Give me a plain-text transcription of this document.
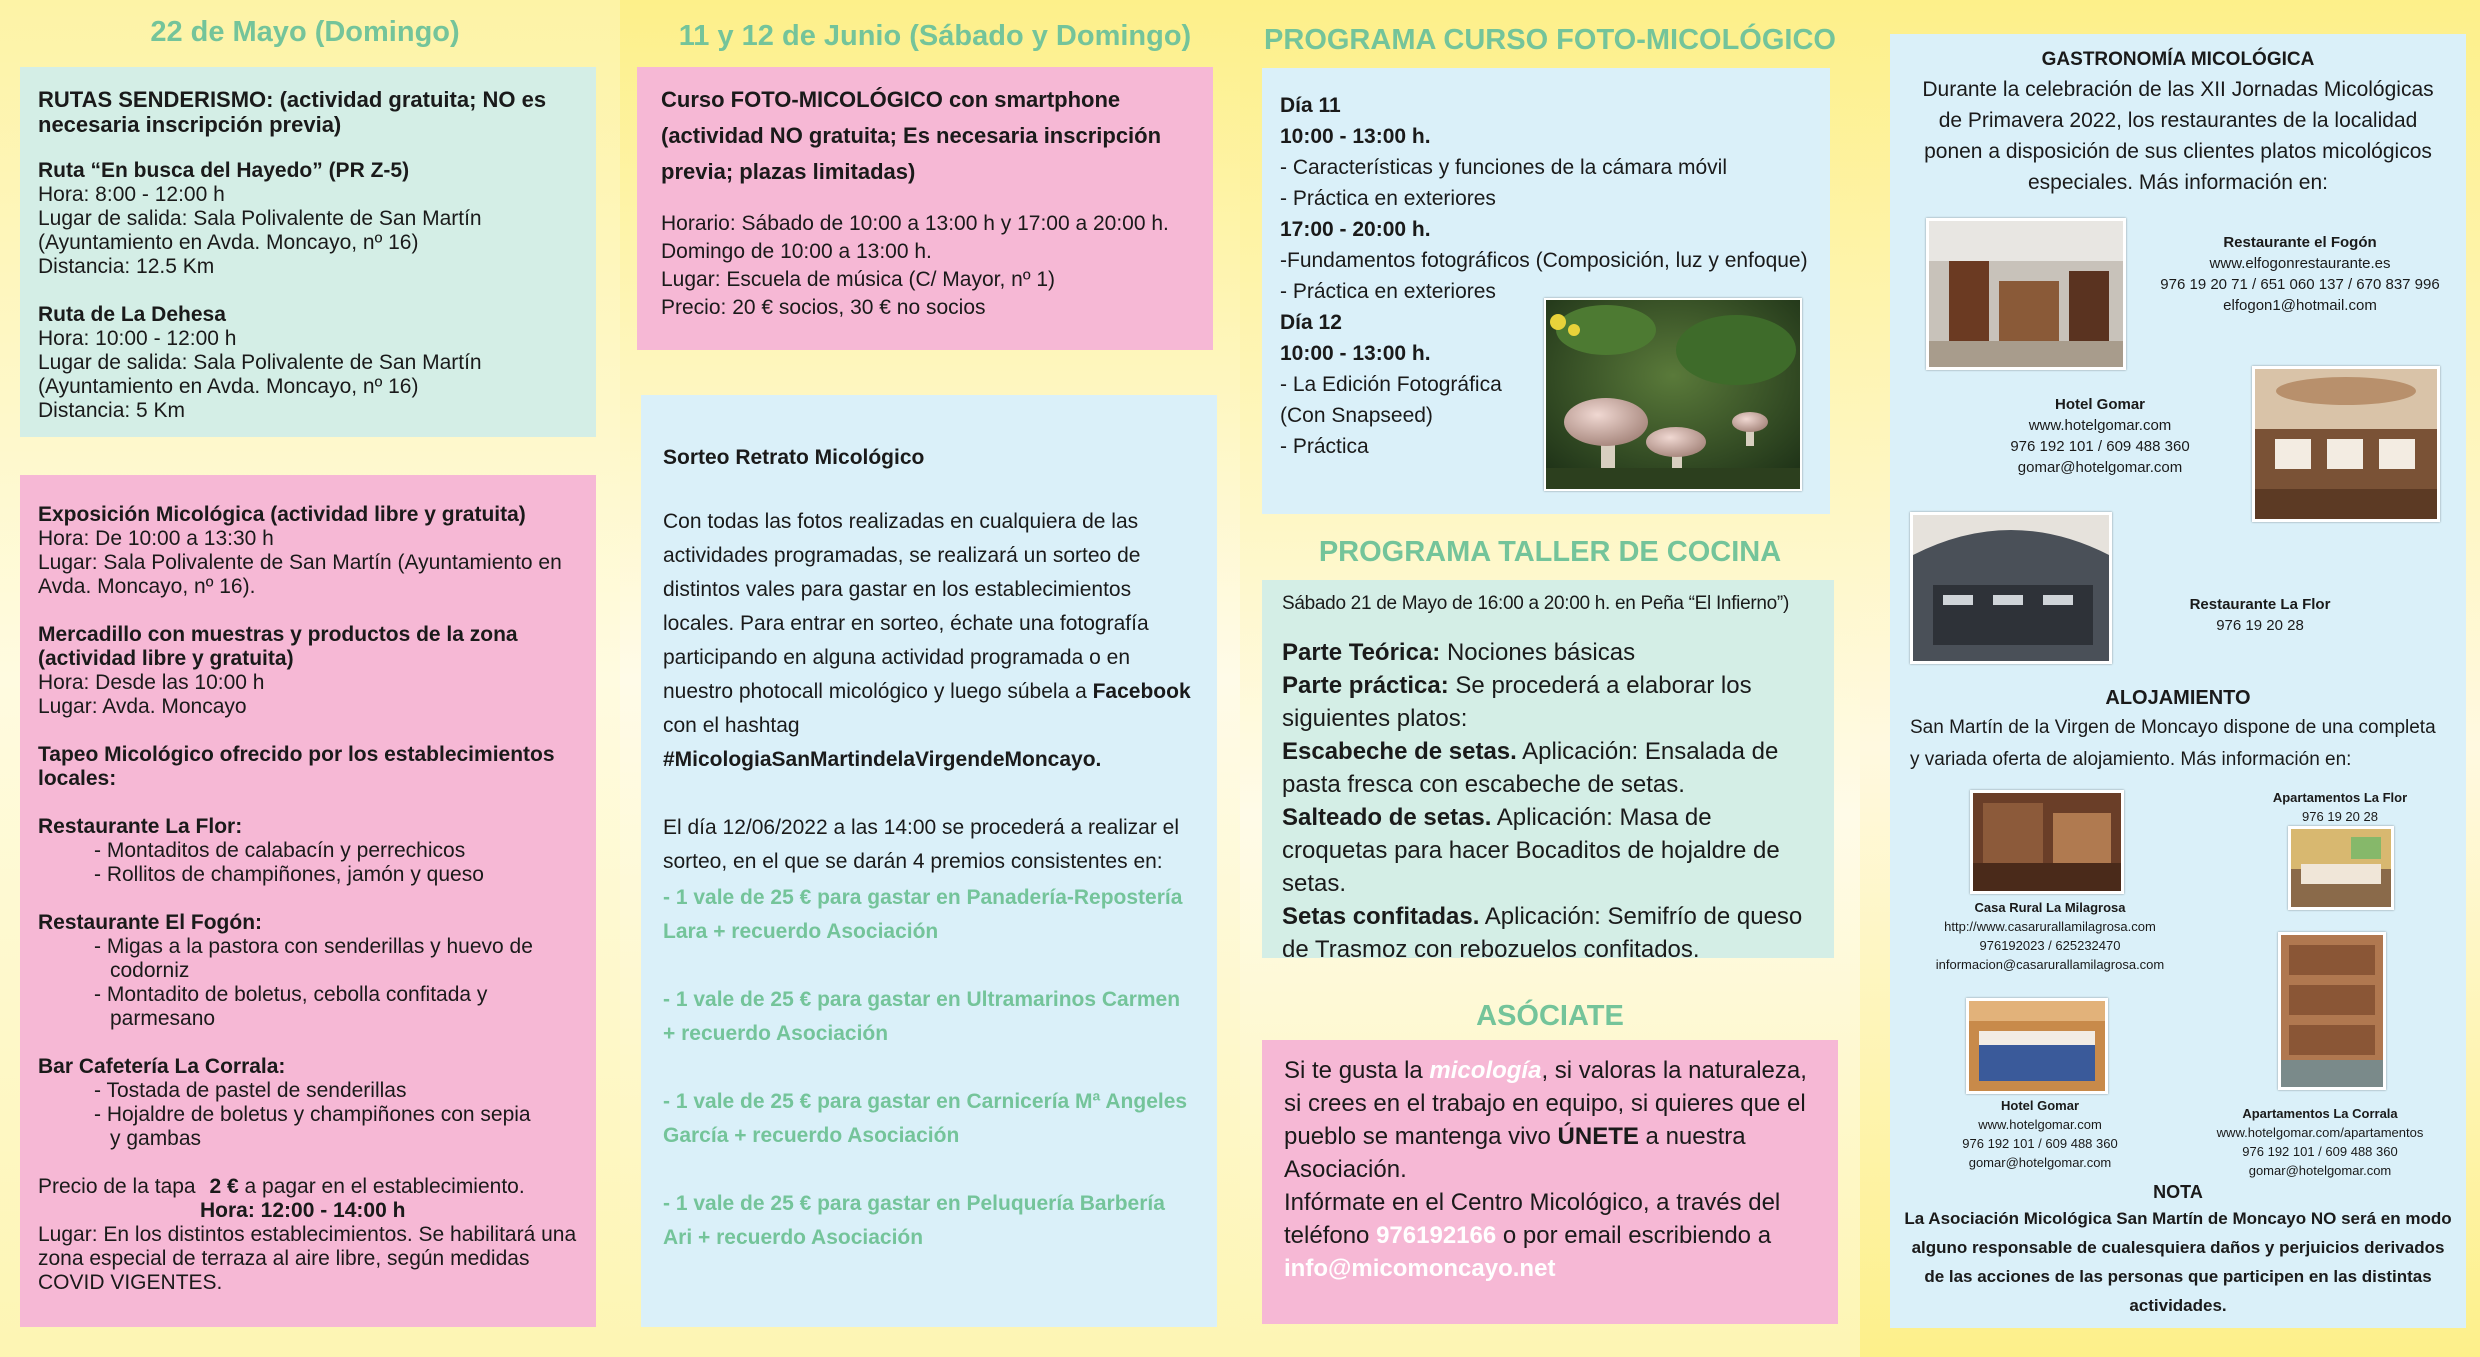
22 de Mayo (Domingo)
RUTAS SENDERISMO: (actividad gratuita; NO es necesaria inscripción previa)
Ruta “En busca del Hayedo” (PR Z-5)
Hora: 8:00 - 12:00 h
Lugar de salida: Sala Polivalente de San Martín
(Ayuntamiento en Avda. Moncayo, nº 16)
Distancia: 12.5 Km
Ruta de La Dehesa
Hora: 10:00 - 12:00 h
Lugar de salida: Sala Polivalente de San Martín
(Ayuntamiento en Avda. Moncayo, nº 16)
Distancia: 5 Km
Exposición Micológica (actividad libre y gratuita)
Hora: De 10:00 a 13:30 h
Lugar: Sala Polivalente de San Martín (Ayuntamiento en Avda. Moncayo, nº 16).
Mercadillo con muestras y productos de la zona (actividad libre y gratuita)
Hora: Desde las 10:00 h
Lugar: Avda. Moncayo
Tapeo Micológico ofrecido por los establecimientos locales:
Restaurante La Flor:
- Montaditos de calabacín y perrechicos
- Rollitos de champiñones, jamón y queso
Restaurante El Fogón:
- Migas a la pastora con senderillas y huevo de
codorniz
- Montadito de boletus, cebolla confitada y
parmesano
Bar Cafetería La Corrala:
- Tostada de pastel de senderillas
- Hojaldre de boletus y champiñones con sepia
y gambas
Precio de la tapa 2 € a pagar en el establecimiento.
Hora: 12:00 - 14:00 h
Lugar: En los distintos establecimientos. Se habilitará una zona especial de terraza al aire libre, según medidas COVID VIGENTES.
11 y 12 de Junio (Sábado y Domingo)
Curso FOTO-MICOLÓGICO con smartphone (actividad NO gratuita; Es necesaria inscripción previa; plazas limitadas)
Horario: Sábado de 10:00 a 13:00 h y 17:00 a 20:00 h.
Domingo de 10:00 a 13:00 h.
Lugar: Escuela de música (C/ Mayor, nº 1)
Precio: 20 € socios, 30 € no socios
Sorteo Retrato Micológico
Con todas las fotos realizadas en cualquiera de las actividades programadas, se realizará un sorteo de distintos vales para gastar en los establecimientos locales. Para entrar en sorteo, échate una fotografía participando en alguna actividad programada o en nuestro photocall micológico y luego súbela a Facebook con el hashtag
#MicologiaSanMartindelaVirgendeMoncayo.
El día 12/06/2022 a las 14:00 se procederá a realizar el sorteo, en el que se darán 4 premios consistentes en:
- 1 vale de 25 € para gastar en Panadería-Repostería Lara + recuerdo Asociación
- 1 vale de 25 € para gastar en Ultramarinos Carmen + recuerdo Asociación
- 1 vale de 25 € para gastar en Carnicería Mª Angeles García + recuerdo Asociación
- 1 vale de 25 € para gastar en Peluquería Barbería Ari + recuerdo Asociación
PROGRAMA CURSO FOTO-MICOLÓGICO
Día 11
10:00 - 13:00 h.
- Características y funciones de la cámara móvil
- Práctica en exteriores
17:00 - 20:00 h.
-Fundamentos fotográficos (Composición, luz y enfoque)
- Práctica en exteriores
Día 12
10:00 - 13:00 h.
- La Edición Fotográfica
(Con Snapseed)
- Práctica
PROGRAMA TALLER DE COCINA
Sábado 21 de Mayo de 16:00 a 20:00 h. en Peña “El Infierno”)
Parte Teórica: Nociones básicas
Parte práctica: Se procederá a elaborar los siguientes platos:
Escabeche de setas. Aplicación: Ensalada de pasta fresca con escabeche de setas.
Salteado de setas. Aplicación: Masa de croquetas para hacer Bocaditos de hojaldre de setas.
Setas confitadas. Aplicación: Semifrío de queso de Trasmoz con rebozuelos confitados.
ASÓCIATE
Si te gusta la micología, si valoras la naturaleza, si crees en el trabajo en equipo, si quieres que el pueblo se mantenga vivo ÚNETE a nuestra Asociación.
Infórmate en el Centro Micológico, a través del teléfono 976192166 o por email escribiendo a
info@micomoncayo.net
GASTRONOMÍA MICOLÓGICA
Durante la celebración de las XII Jornadas Micológicas de Primavera 2022, los restaurantes de la localidad ponen a disposición de sus clientes platos micológicos especiales. Más información en:
Restaurante el Fogón
www.elfogonrestaurante.es
976 19 20 71 / 651 060 137 / 670 837 996
elfogon1@hotmail.com
Hotel Gomar
www.hotelgomar.com
976 192 101 / 609 488 360
gomar@hotelgomar.com
Restaurante La Flor
976 19 20 28
ALOJAMIENTO
San Martín de la Virgen de Moncayo dispone de una completa y variada oferta de alojamiento. Más información en:
Apartamentos La Flor
976 19 20 28
Casa Rural La Milagrosa
http://www.casarurallamilagrosa.com
976192023 / 625232470
informacion@casarurallamilagrosa.com
Hotel Gomar
www.hotelgomar.com
976 192 101 / 609 488 360
gomar@hotelgomar.com
Apartamentos La Corrala
www.hotelgomar.com/apartamentos
976 192 101 / 609 488 360
gomar@hotelgomar.com
NOTA
La Asociación Micológica San Martín de Moncayo NO será en modo alguno responsable de cualesquiera daños y perjuicios derivados de las acciones de las personas que participen en las distintas actividades.
